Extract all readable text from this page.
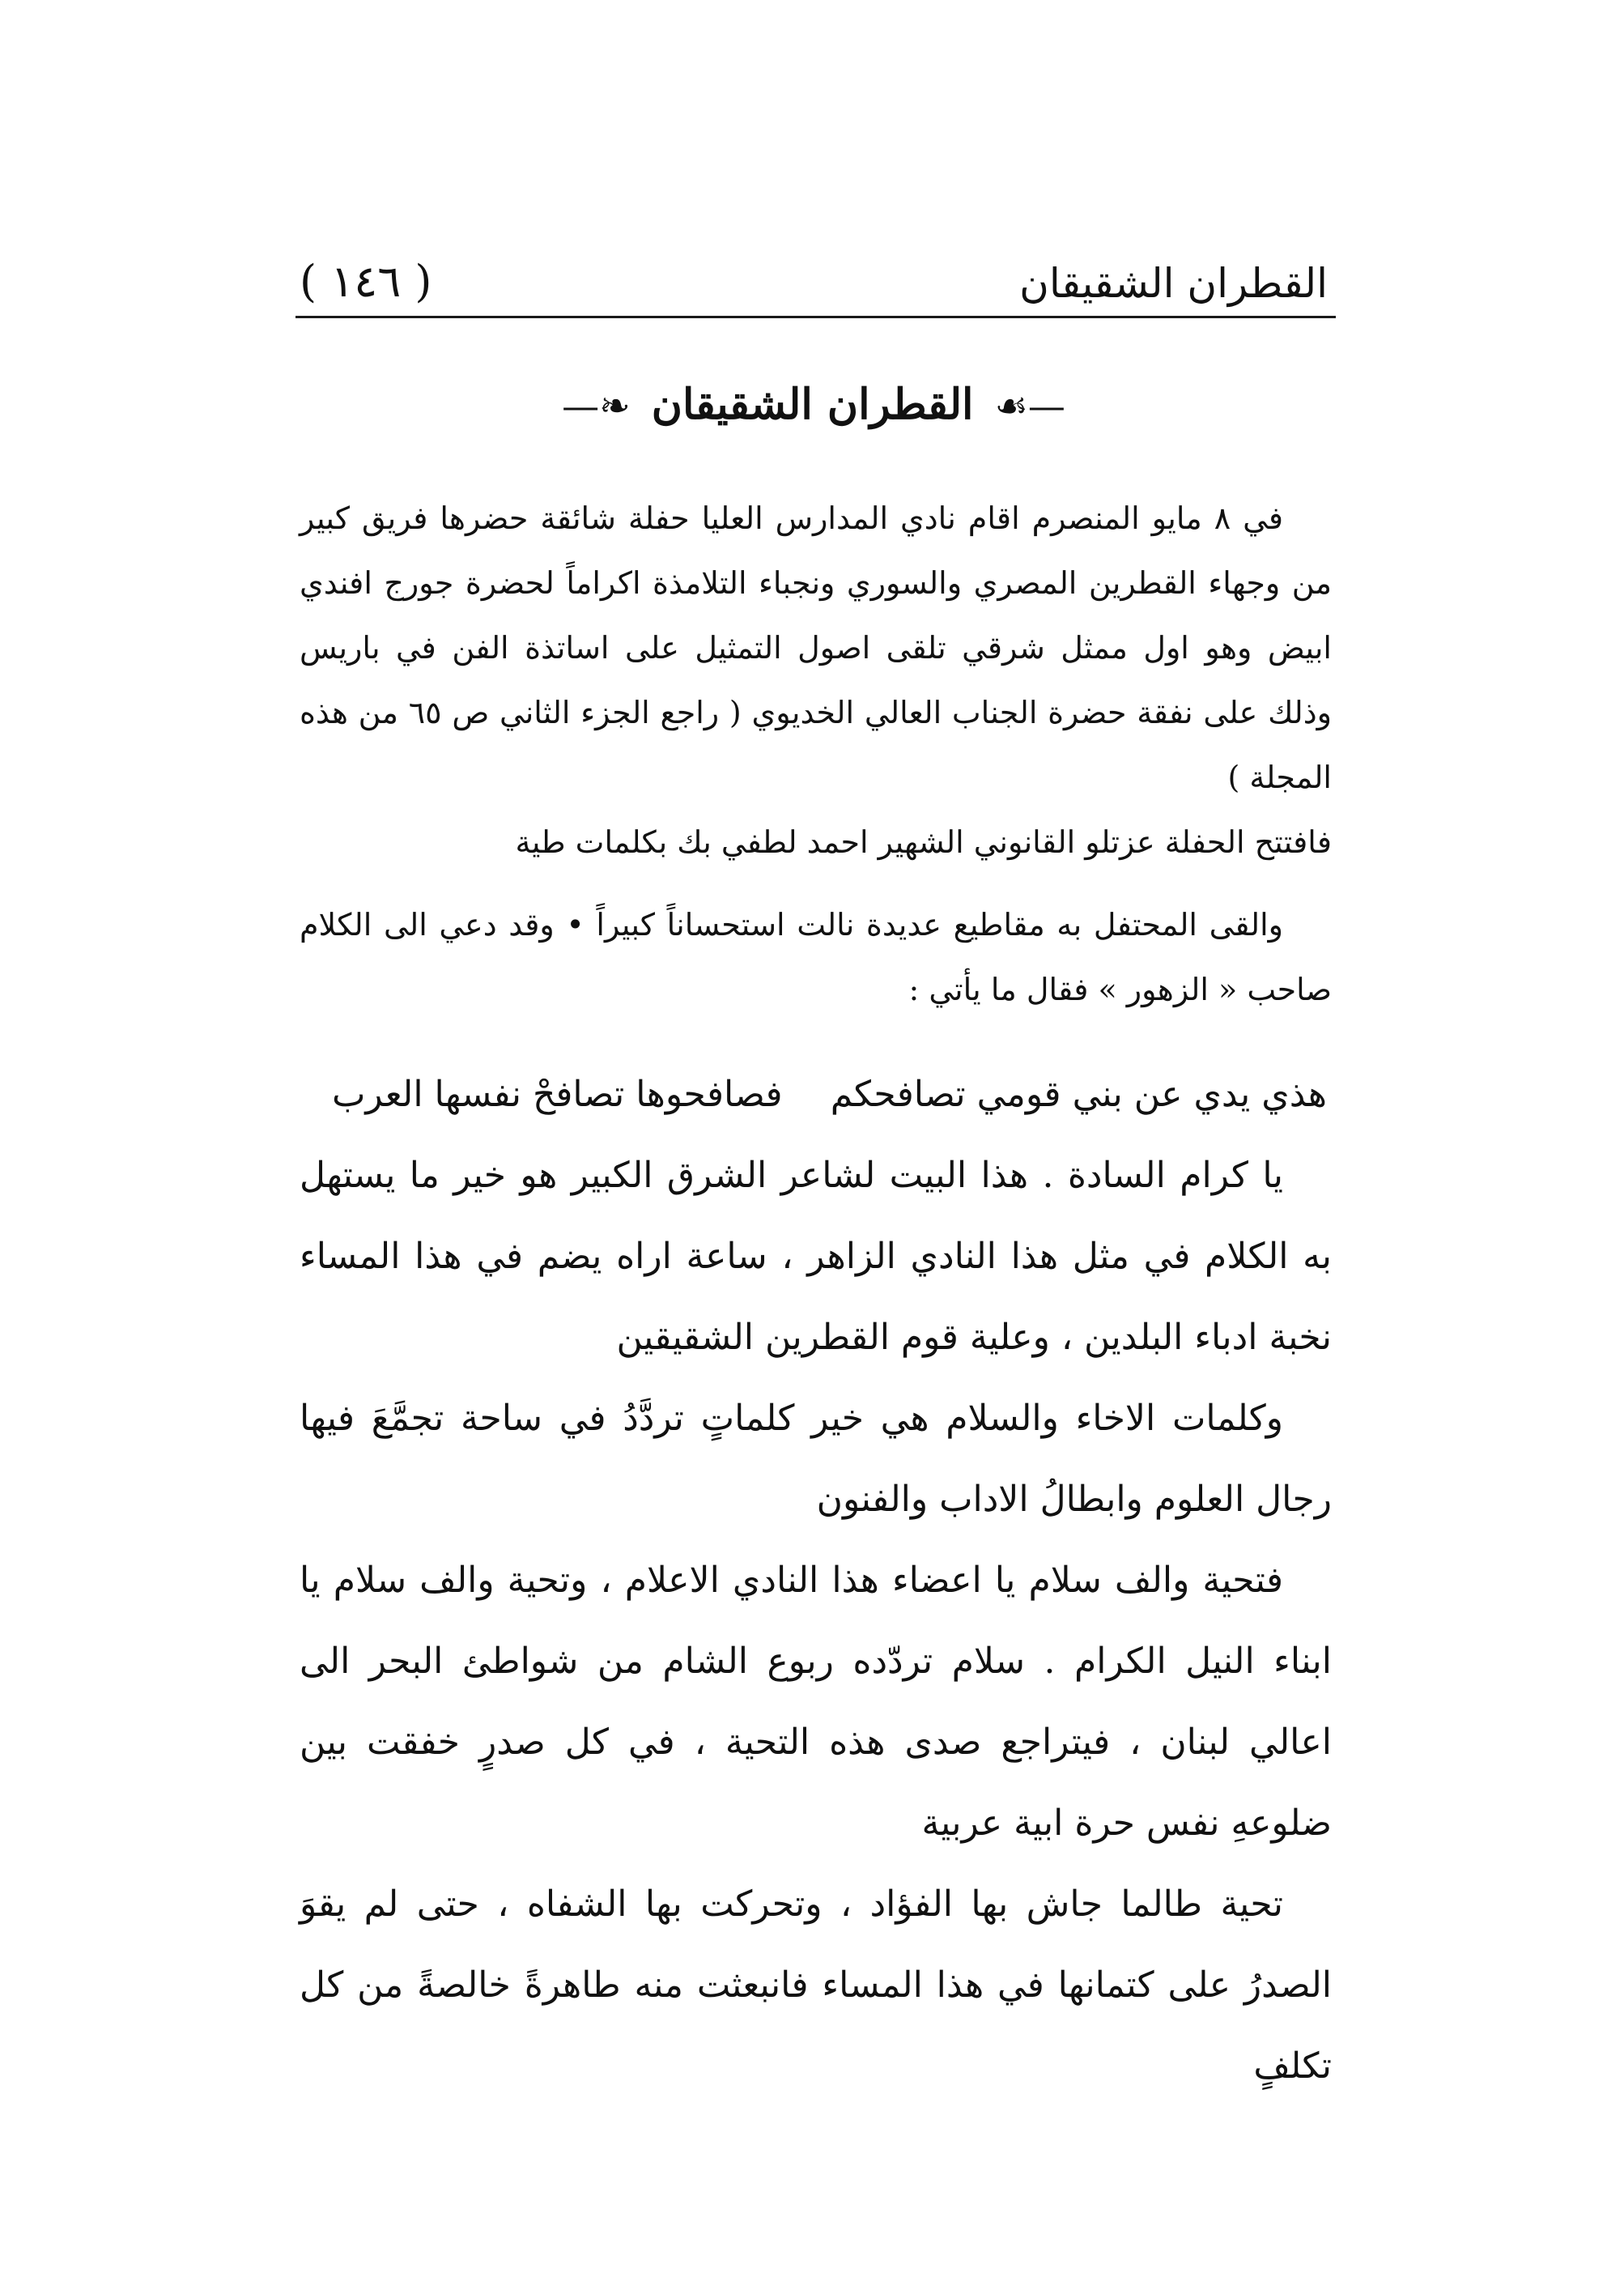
القطران الشقيقان
( ١٤٦ )
—☙ القطران الشقيقان ❧—

في ٨ مايو المنصرم اقام نادي المدارس العليا حفلة شائقة حضرها فريق كبير من وجهاء القطرين المصري والسوري ونجباء التلامذة اكراماً لحضرة جورج افندي ابيض وهو اول ممثل شرقي تلقى اصول التمثيل على اساتذة الفن في باريس وذلك على نفقة حضرة الجناب العالي الخديوي ( راجع الجزء الثاني ص ٦٥ من هذه المجلة )

فافتتح الحفلة عزتلو القانوني الشهير احمد لطفي بك بكلمات طية

والقى المحتفل به مقاطيع عديدة نالت استحساناً كبيراً • وقد دعي الى الكلام صاحب « الزهور » فقال ما يأتي :

هذي يدي عن بني قومي تصافحكم
فصافحوها تصافحْ نفسها العرب

يا كرام السادة . هذا البيت لشاعر الشرق الكبير هو خير ما يستهل به الكلام في مثل هذا النادي الزاهر ، ساعة اراه يضم في هذا المساء نخبة ادباء البلدين ، وعلية قوم القطرين الشقيقين

وكلمات الاخاء والسلام هي خير كلماتٍ تردَّدُ في ساحة تجمَّعَ فيها رجال العلوم وابطالُ الاداب والفنون

فتحية والف سلام يا اعضاء هذا النادي الاعلام ، وتحية والف سلام يا ابناء النيل الكرام . سلام تردّده ربوع الشام من شواطئ البحر الى اعالي لبنان ، فيتراجع صدى هذه التحية ، في كل صدرٍ خفقت بين ضلوعهِ نفس حرة ابية عربية

تحية طالما جاش بها الفؤاد ، وتحركت بها الشفاه ، حتى لم يقوَ الصدرُ على كتمانها في هذا المساء فانبعثت منه طاهرةً خالصةً من كل تكلفٍ
